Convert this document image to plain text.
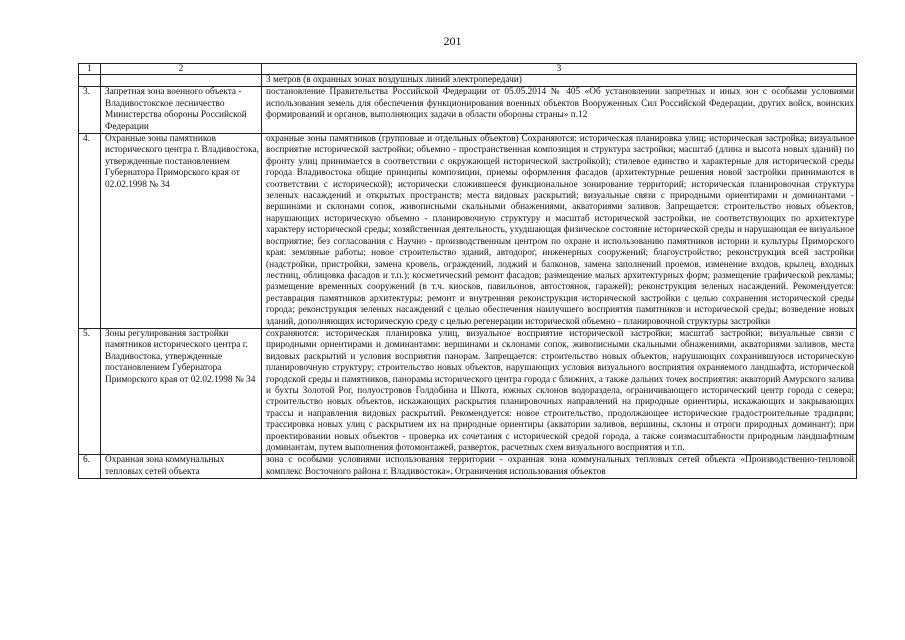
201
1	2	3
		3 метров (в охранных зонах воздушных линий электропередачи)
3.	Запретная зона военного объекта - Владивостокское лесничество Министерства обороны Российской Федерации	постановление Правительства Российской Федерации от 05.05.2014 № 405 «Об установлении запретных и иных зон с особыми условиями использования земель для обеспечения функционирования военных объектов Вооруженных Сил Российской Федерации, других войск, воинских формирований и органов, выполняющих задачи в области обороны страны» п.12
4.	Охранные зоны памятников исторического центра г. Владивостока, утвержденные постановлением Губернатора Приморского края от 02.02.1998 № 34	охранные зоны памятников (групповые и отдельных объектов) Сохраняются: историческая планировка улиц; историческая застройка; визуальное восприятие исторической застройки; объемно - пространственная композиция и структура застройки; масштаб (длина и высота новых зданий) по фронту улиц принимается в соответствии с окружающей исторической застройкой); стилевое единство и характерные для исторической среды города Владивостока общие принципы композиции, приемы оформления фасадов (архитектурные решения новой застройки принимаются в соответствии с исторической); исторически сложившееся функциональное зонирование территорий; историческая планировочная структура зеленых насаждений и открытых пространств; места видовых раскрытий; визуальные связи с природными ориентирами и доминантами - вершинами и склонами сопок, живописными скальными обнажениями, акваториями заливов. Запрещается: строительство новых объектов, нарушающих историческую объемно - планировочную структуру и масштаб исторической застройки, не соответствующих по архитектуре характеру исторической среды; хозяйственная деятельность, ухудшающая физическое состояние исторической среды и нарушающая ее визуальное восприятие; без согласования с Научно - производственным центром по охране и использованию памятников истории и культуры Приморского края: земляные работы; новое строительство зданий, автодорог, инженерных сооружений; благоустройство; реконструкция всей застройки (надстройки, пристройки, замена кровель, ограждений, лоджий и балконов, замена заполнений проемов, изменение входов, крылец, входных лестниц, облицовка фасадов и т.п.); косметический ремонт фасадов; размещение малых архитектурных форм; размещение графической рекламы; размещение временных сооружений (в т.ч. киосков, павильонов, автостоянок, гаражей); реконструкция зеленых насаждений. Рекомендуется: реставрация памятников архитектуры; ремонт и внутренняя реконструкция исторической застройки с целью сохранения исторической среды города; реконструкция зеленых насаждений с целью обеспечения наилучшего восприятия памятников и исторической среды; возведение новых зданий, дополняющих историческую среду с целью регенерации исторической объемно - планировочной структуры застройки
5.	Зоны регулирования застройки памятников исторического центра г. Владивостока, утвержденные постановлением Губернатора Приморского края от 02.02.1998 № 34	сохраняются: историческая планировка улиц, визуальное восприятие исторической застройки; масштаб застройки; визуальные связи с природными ориентирами и доминантами: вершинами и склонами сопок, живописными скальными обнажениями, акваториями заливов, места видовых раскрытий и условия восприятия панорам. Запрещается: строительство новых объектов, нарушающих сохранившуюся историческую планировочную структуру; строительство новых объектов, нарушающих условия визуального восприятия охраняемого ландшафта, исторической городской среды и памятников, панорамы исторического центра города с ближних, а также дальних точек восприятия: акваторий Амурского залива и бухты Золотой Рог, полуостровов Голдобина и Шкота, южных склонов водораздела, ограничивающего исторический центр города с севера; строительство новых объектов, искажающих раскрытия планировочных направлений на природные ориентиры, искажающих и закрывающих трассы и направления видовых раскрытий. Рекомендуется: новое строительство, продолжающее исторические градостроительные традиции; трассировка новых улиц с раскрытием их на природные ориентиры (акватории заливов, вершины, склоны и отроги природных доминант); при проектировании новых объектов - проверка их сочетания с исторической средой города, а также соизмасштабности природным ландшафтным доминантам, путем выполнения фотомонтажей, разверток, расчетных схем визуального восприятия и т.п.
6.	Охранная зона коммунальных тепловых сетей объекта	зона с особыми условиями использования территории - охранная зона коммунальных тепловых сетей объекта «Производственно-тепловой комплекс Восточного района г. Владивостока». Ограничения использования объектов
